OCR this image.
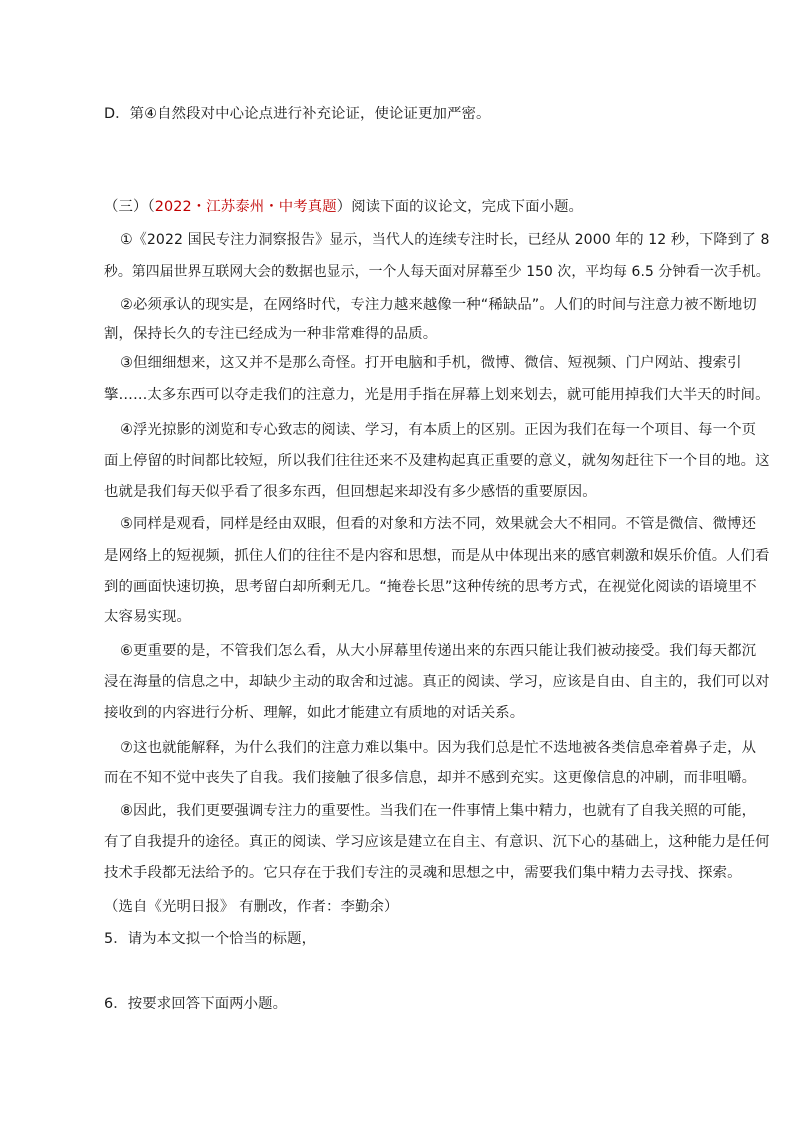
D．第④自然段对中心论点进行补充论证，使论证更加严密。
（三）（2022・江苏泰州・中考真题）阅读下面的议论文，完成下面小题。
①《2022 国民专注力洞察报告》显示，当代人的连续专注时长，已经从 2000 年的 12 秒，下降到了 8
秒。第四届世界互联网大会的数据也显示，一个人每天面对屏幕至少 150 次，平均每 6.5 分钟看一次手机。
②必须承认的现实是，在网络时代，专注力越来越像一种“稀缺品”。人们的时间与注意力被不断地切
割，保持长久的专注已经成为一种非常难得的品质。
③但细细想来，这又并不是那么奇怪。打开电脑和手机，微博、微信、短视频、门户网站、搜索引
擎……太多东西可以夺走我们的注意力，光是用手指在屏幕上划来划去，就可能用掉我们大半天的时间。
④浮光掠影的浏览和专心致志的阅读、学习，有本质上的区别。正因为我们在每一个项目、每一个页
面上停留的时间都比较短，所以我们往往还来不及建构起真正重要的意义，就匆匆赶往下一个目的地。这
也就是我们每天似乎看了很多东西，但回想起来却没有多少感悟的重要原因。
⑤同样是观看，同样是经由双眼，但看的对象和方法不同，效果就会大不相同。不管是微信、微博还
是网络上的短视频，抓住人们的往往不是内容和思想，而是从中体现出来的感官刺激和娱乐价值。人们看
到的画面快速切换，思考留白却所剩无几。“掩卷长思”这种传统的思考方式，在视觉化阅读的语境里不
太容易实现。
⑥更重要的是，不管我们怎么看，从大小屏幕里传递出来的东西只能让我们被动接受。我们每天都沉
浸在海量的信息之中，却缺少主动的取舍和过滤。真正的阅读、学习，应该是自由、自主的，我们可以对
接收到的内容进行分析、理解，如此才能建立有质地的对话关系。
⑦这也就能解释，为什么我们的注意力难以集中。因为我们总是忙不迭地被各类信息牵着鼻子走，从
而在不知不觉中丧失了自我。我们接触了很多信息，却并不感到充实。这更像信息的冲刷，而非咀嚼。
⑧因此，我们更要强调专注力的重要性。当我们在一件事情上集中精力，也就有了自我关照的可能，
有了自我提升的途径。真正的阅读、学习应该是建立在自主、有意识、沉下心的基础上，这种能力是任何
技术手段都无法给予的。它只存在于我们专注的灵魂和思想之中，需要我们集中精力去寻找、探索。
（选自《光明日报》 有删改，作者：李勤余）
5．请为本文拟一个恰当的标题，
6．按要求回答下面两小题。
